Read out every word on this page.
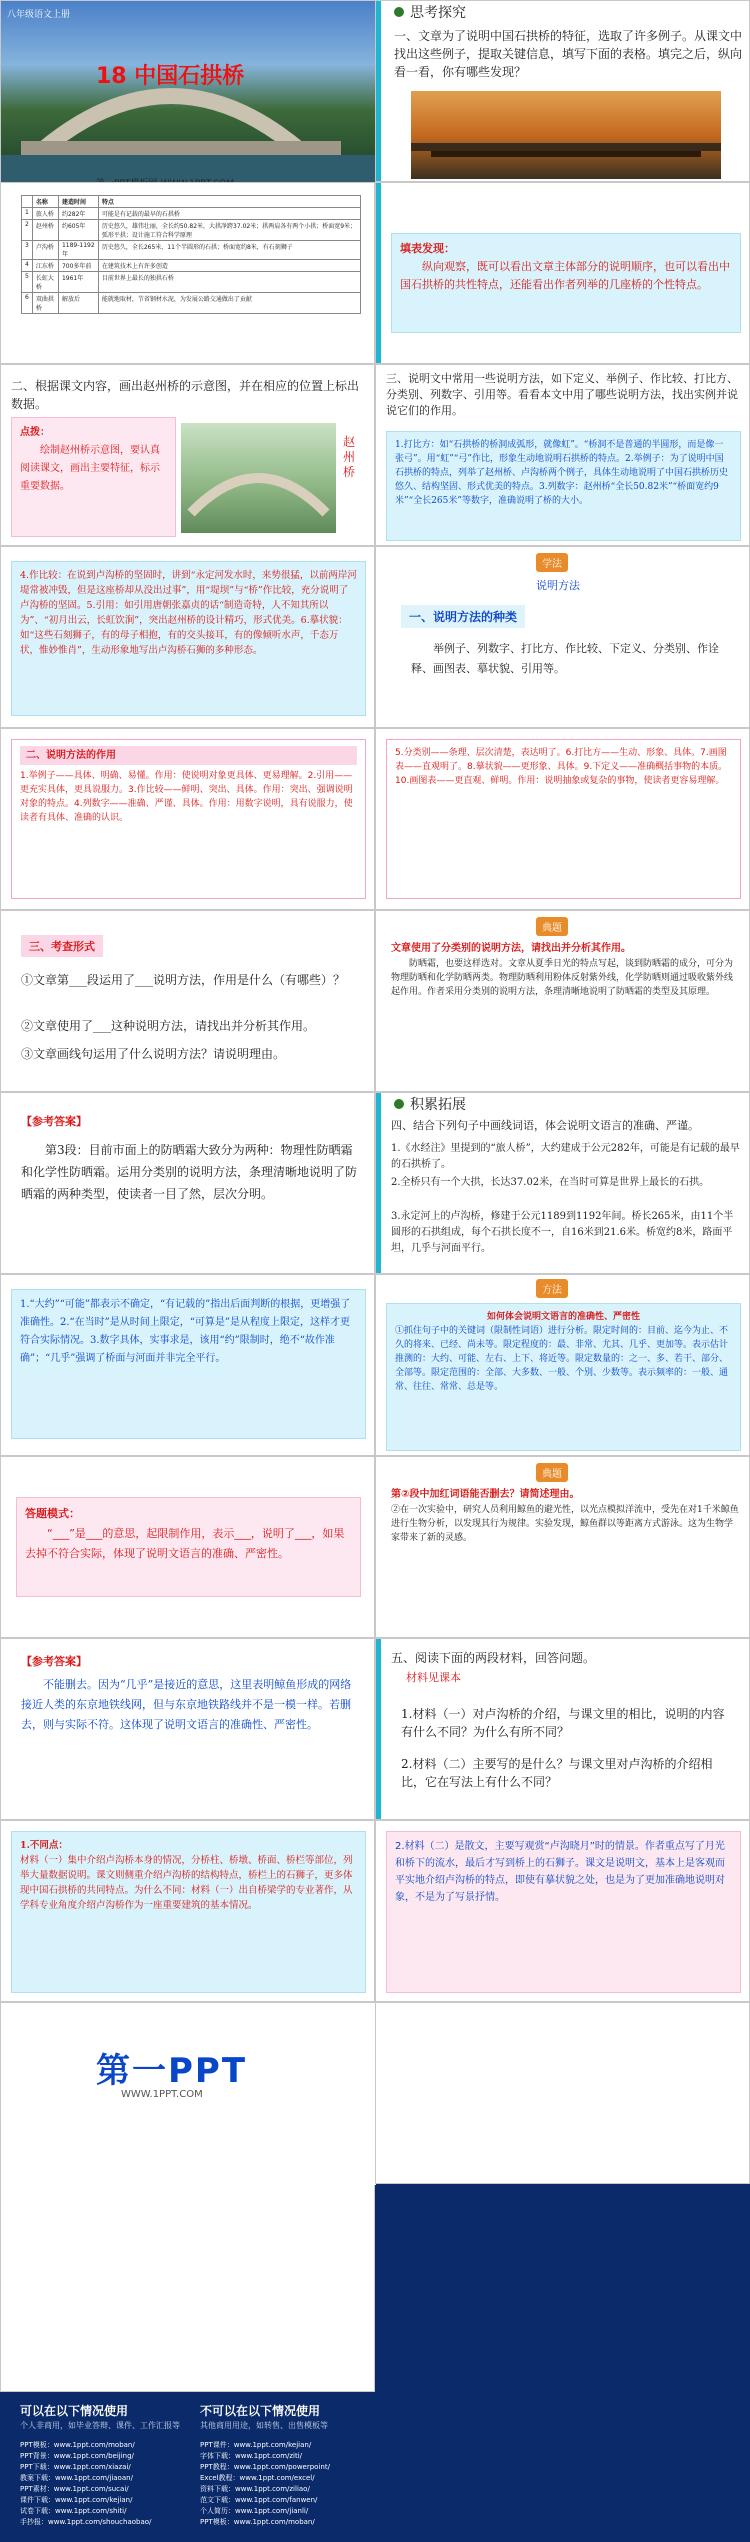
八年级语文上册
18 中国石拱桥
思考探究
一、文章为了说明中国石拱桥的特征，选取了许多例子。从课文中找出这些例子，提取关键信息，填写下面的表格。填完之后，纵向看一看，你有哪些发现？
	名称	建造时间	特点
1	旅人桥	约282年	可能是有记载的最早的石拱桥
2	赵州桥	约605年	历史悠久，雄伟壮丽，全长约50.82米，大拱净跨37.02米；拱两肩各有两个小拱；桥面宽9米；弧形平拱；设计施工符合科学原理
3	卢沟桥	1189-1192年	历史悠久，全长265米，11个半圆形的石拱；桥面宽约8米，有石刻狮子
4	江东桥	700多年前	在建筑技术上有许多创造
5	长虹大桥	1961年	目前世界上最长的独拱石桥
6	双曲拱桥	解放后	能就地取材，节省钢材水泥，为发展公路交通做出了贡献
填表发现：
纵向观察，既可以看出文章主体部分的说明顺序，也可以看出中国石拱桥的共性特点，还能看出作者列举的几座桥的个性特点。
二、根据课文内容，画出赵州桥的示意图，并在相应的位置上标出数据。
点拨：
绘制赵州桥示意图，要认真阅读课文，画出主要特征，标示重要数据。
赵州桥
三、说明文中常用一些说明方法，如下定义、举例子、作比较、打比方、分类别、列数字、引用等。看看本文中用了哪些说明方法，找出实例并说说它们的作用。
1.打比方：如“石拱桥的桥洞成弧形，就像虹”。“桥洞不是普通的半圆形，而是像一张弓”。用“虹”“弓”作比，形象生动地说明石拱桥的特点。2.举例子：为了说明中国石拱桥的特点，列举了赵州桥、卢沟桥两个例子，具体生动地说明了中国石拱桥历史悠久、结构坚固、形式优美的特点。3.列数字：赵州桥“全长50.82米”“桥面宽约9米”“全长265米”等数字，准确说明了桥的大小。
4.作比较：在说到卢沟桥的坚固时，讲到“永定河发水时，来势很猛，以前两岸河堤常被冲毁，但是这座桥却从没出过事”，用“堤坝”与“桥”作比较，充分说明了卢沟桥的坚固。5.引用：如引用唐朝张嘉贞的话“制造奇特，人不知其所以为”、“初月出云，长虹饮涧”，突出赵州桥的设计精巧，形式优美。6.摹状貌：如“这些石刻狮子，有的母子相抱，有的交头接耳，有的像倾听水声，千态万状，惟妙惟肖”，生动形象地写出卢沟桥石狮的多种形态。
学法
说明方法
一、说明方法的种类
举例子、列数字、打比方、作比较、下定义、分类别、作诠释、画图表、摹状貌、引用等。
二、说明方法的作用
1.举例子——具体、明确、易懂。作用：使说明对象更具体、更易理解。2.引用——更充实具体，更具说服力。3.作比较——鲜明、突出、具体。作用：突出、强调说明对象的特点。4.列数字——准确、严谨、具体。作用：用数字说明，具有说服力，使读者有具体、准确的认识。
5.分类别——条理、层次清楚，表达明了。6.打比方——生动、形象、具体。7.画图表——直观明了。8.摹状貌——更形象、具体。9.下定义——准确概括事物的本质。10.画图表——更直观、鲜明。作用：说明抽象或复杂的事物，使读者更容易理解。
三、考查形式
①文章第___段运用了___说明方法，作用是什么（有哪些）？
②文章使用了___这种说明方法，请找出并分析其作用。
③文章画线句运用了什么说明方法？请说明理由。
典题
文章使用了分类别的说明方法，请找出并分析其作用。
防晒霜，也要这样选对。文章从夏季日光的特点写起，谈到防晒霜的成分，可分为物理防晒和化学防晒两类。物理防晒利用粉体反射紫外线，化学防晒则通过吸收紫外线起作用。作者采用分类别的说明方法，条理清晰地说明了防晒霜的类型及其原理。
【参考答案】
第3段：目前市面上的防晒霜大致分为两种：物理性防晒霜和化学性防晒霜。运用分类别的说明方法，条理清晰地说明了防晒霜的两种类型，使读者一目了然，层次分明。
积累拓展
四、结合下列句子中画线词语，体会说明文语言的准确、严谨。
1.《水经注》里提到的“旅人桥”，大约建成于公元282年，可能是有记载的最早的石拱桥了。
2.全桥只有一个大拱，长达37.02米，在当时可算是世界上最长的石拱。
3.永定河上的卢沟桥，修建于公元1189到1192年间。桥长265米，由11个半圆形的石拱组成，每个石拱长度不一，自16米到21.6米。桥宽约8米，路面平坦，几乎与河面平行。
1.“大约”“可能”都表示不确定，“有记载的”指出后面判断的根据，更增强了准确性。2.“在当时”是从时间上限定，“可算是”是从程度上限定，这样才更符合实际情况。3.数字具体，实事求是，该用“约”限制时，绝不“故作准确”；“几乎”强调了桥面与河面并非完全平行。
方法
如何体会说明文语言的准确性、严密性
①抓住句子中的关键词（限制性词语）进行分析。限定时间的：目前、迄今为止、不久的将来、已经、尚未等。限定程度的：最、非常、尤其、几乎、更加等。表示估计推测的：大约、可能、左右、上下、将近等。限定数量的：之一、多、若干、部分、全部等。限定范围的：全部、大多数、一般、个别、少数等。表示频率的：一般、通常、往往、常常、总是等。
答题模式：
“___”是___的意思，起限制作用，表示___，说明了___，如果去掉不符合实际，体现了说明文语言的准确、严密性。
典题
第②段中加红词语能否删去？请简述理由。
②在一次实验中，研究人员利用鲸鱼的避光性，以光点模拟洋流中，受先在对1千米鲸鱼进行生物分析，以发现其行为规律。实验发现，鲸鱼群以等距离方式游泳。这为生物学家带来了新的灵感。
【参考答案】
不能删去。因为“几乎”是接近的意思，这里表明鲸鱼形成的网络接近人类的东京地铁线网，但与东京地铁路线并不是一模一样。若删去，则与实际不符。这体现了说明文语言的准确性、严密性。
五、阅读下面的两段材料，回答问题。
材料见课本
1.材料（一）对卢沟桥的介绍，与课文里的相比，说明的内容有什么不同？为什么有所不同？
2.材料（二）主要写的是什么？与课文里对卢沟桥的介绍相比，它在写法上有什么不同？
1.不同点：
材料（一）集中介绍卢沟桥本身的情况，分桥柱、桥墩、桥面、桥栏等部位，列举大量数据说明。课文则侧重介绍卢沟桥的结构特点，桥栏上的石狮子，更多体现中国石拱桥的共同特点。为什么不同：材料（一）出自桥梁学的专业著作，从学科专业角度介绍卢沟桥作为一座重要建筑的基本情况。
2.材料（二）是散文，主要写观赏“卢沟晓月”时的情景。作者重点写了月光和桥下的流水，最后才写到桥上的石狮子。课文是说明文，基本上是客观而平实地介绍卢沟桥的特点，即使有摹状貌之处，也是为了更加准确地说明对象，不是为了写景抒情。
第一PPT
WWW.1PPT.COM
可以在以下情况使用
个人非商用，如毕业答辩、课件、工作汇报等
不可以在以下情况使用
其他商用用途，如转售、出售模板等
PPT模板：www.1ppt.com/moban/
PPT背景：www.1ppt.com/beijing/
PPT下载：www.1ppt.com/xiazai/
教案下载：www.1ppt.com/jiaoan/
PPT素材：www.1ppt.com/sucai/
课件下载：www.1ppt.com/kejian/
试卷下载：www.1ppt.com/shiti/
手抄报：www.1ppt.com/shouchaobao/
PPT课件：www.1ppt.com/kejian/
字体下载：www.1ppt.com/ziti/
PPT教程：www.1ppt.com/powerpoint/
Excel教程：www.1ppt.com/excel/
资料下载：www.1ppt.com/ziliao/
范文下载：www.1ppt.com/fanwen/
个人简历：www.1ppt.com/jianli/
PPT模板：www.1ppt.com/moban/
